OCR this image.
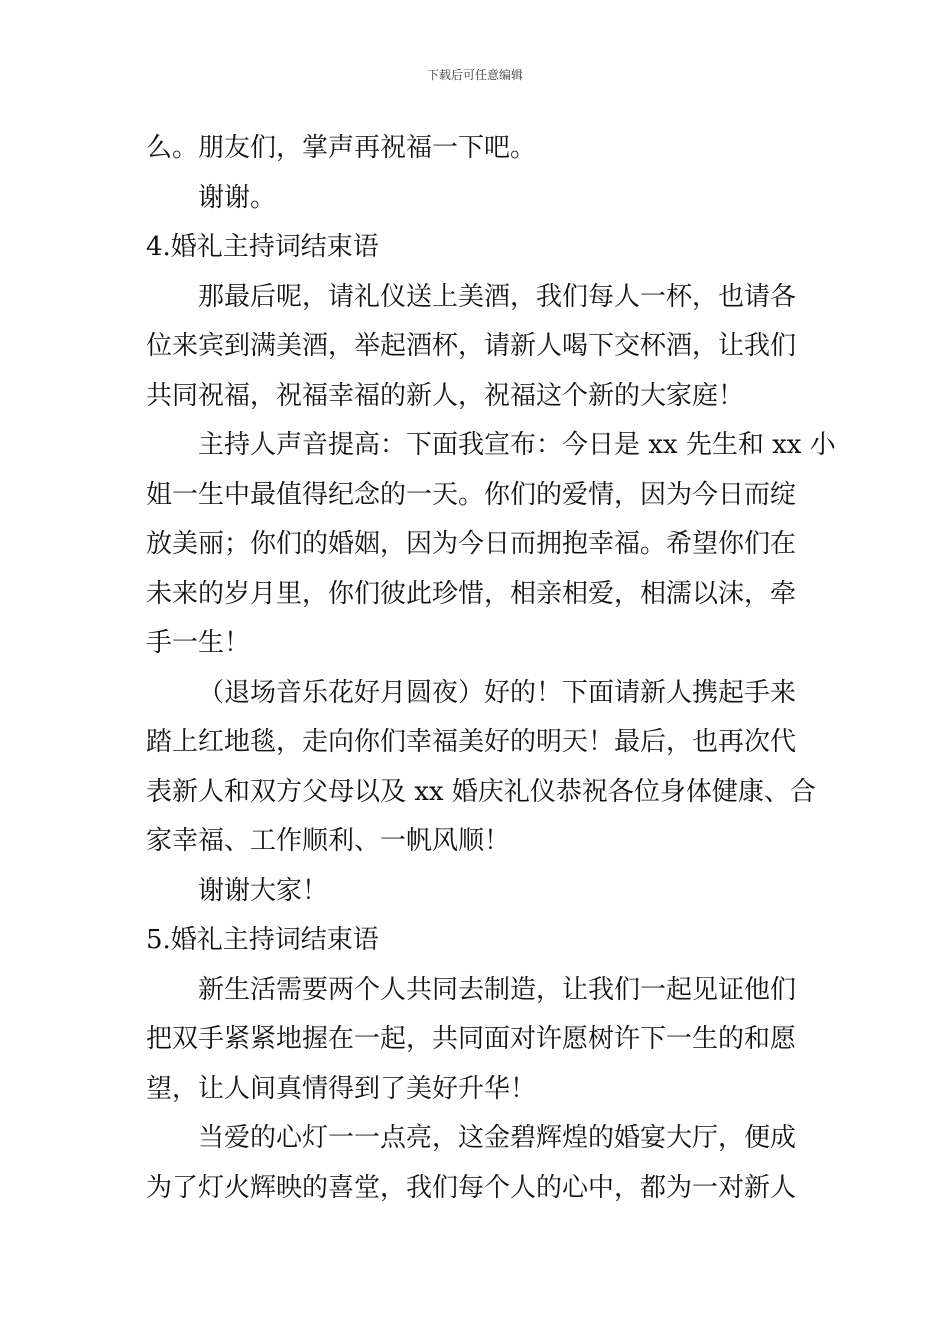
下载后可任意编辑
么。朋友们，掌声再祝福一下吧。
谢谢。
4.婚礼主持词结束语
那最后呢，请礼仪送上美酒，我们每人一杯，也请各
位来宾到满美酒，举起酒杯，请新人喝下交杯酒，让我们
共同祝福，祝福幸福的新人，祝福这个新的大家庭！
主持人声音提高：下面我宣布：今日是 xx 先生和 xx 小
姐一生中最值得纪念的一天。你们的爱情，因为今日而绽
放美丽；你们的婚姻，因为今日而拥抱幸福。希望你们在
未来的岁月里，你们彼此珍惜，相亲相爱，相濡以沫，牵
手一生！
（退场音乐花好月圆夜）好的！下面请新人携起手来
踏上红地毯，走向你们幸福美好的明天！最后，也再次代
表新人和双方父母以及 xx 婚庆礼仪恭祝各位身体健康、合
家幸福、工作顺利、一帆风顺！
谢谢大家！
5.婚礼主持词结束语
新生活需要两个人共同去制造，让我们一起见证他们
把双手紧紧地握在一起，共同面对许愿树许下一生的和愿
望，让人间真情得到了美好升华！
当爱的心灯一一点亮，这金碧辉煌的婚宴大厅，便成
为了灯火辉映的喜堂，我们每个人的心中，都为一对新人
